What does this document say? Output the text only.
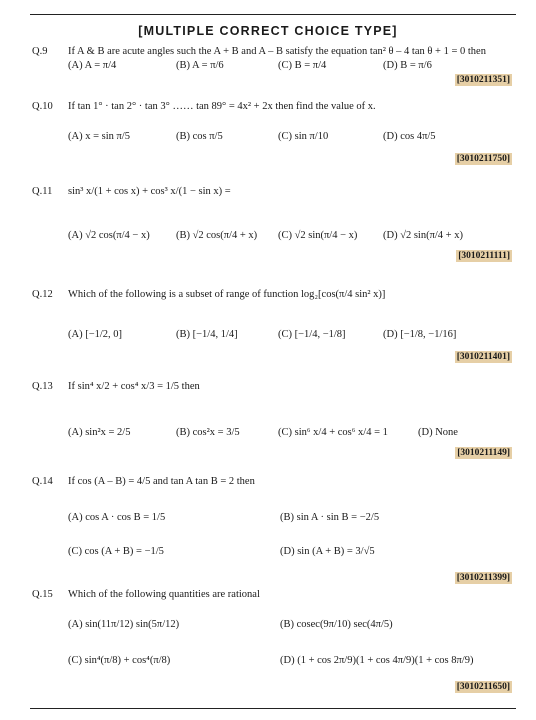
[MULTIPLE CORRECT CHOICE TYPE]
Q.9 If A & B are acute angles such the A + B and A – B satisfy the equation tan² θ – 4 tan θ + 1 = 0 then
(A) A = π/4	(B) A = π/6	(C) B = π/4	(D) B = π/6
[3010211351]
Q.10 If tan 1° · tan 2° · tan 3° …… tan 89° = 4x² + 2x then find the value of x.
(A) x = sin π/5	(B) cos π/5	(C) sin π/10	(D) cos 4π/5
[3010211750]
Q.11 sin³ x/(1 + cos x) + cos³ x/(1 − sin x) =
(A) √2 cos(π/4 − x)	(B) √2 cos(π/4 + x) (C) √2 sin(π/4 − x) (D) √2 sin(π/4 + x)
[3010211111]
Q.12 Which of the following is a subset of range of function log₂[cos(π/4 sin² x)]
(A) [−1/2, 0]	(B) [−1/4, 1/4]	(C) [−1/4, −1/8]	(D) [−1/8, −1/16]
[3010211401]
Q.13 If sin⁴ x/2 + cos⁴ x/3 = 1/5 then
(A) sin²x = 2/5	(B) cos²x = 3/5	(C) sin⁶ x/4 + cos⁶ x/4 = 1	(D) None
[3010211149]
Q.14 If cos (A – B) = 4/5 and tan A tan B = 2 then
(A) cos A · cos B = 1/5	(B) sin A · sin B = −2/5
(C) cos (A + B) = −1/5	(D) sin (A + B) = 3/√5
[3010211399]
Q.15 Which of the following quantities are rational
(A) sin(11π/12) sin(5π/12)	(B) cosec(9π/10) sec(4π/5)
(C) sin⁴(π/8) + cos⁴(π/8)	(D) (1 + cos 2π/9)(1 + cos 4π/9)(1 + cos 8π/9)
[3010211650]
